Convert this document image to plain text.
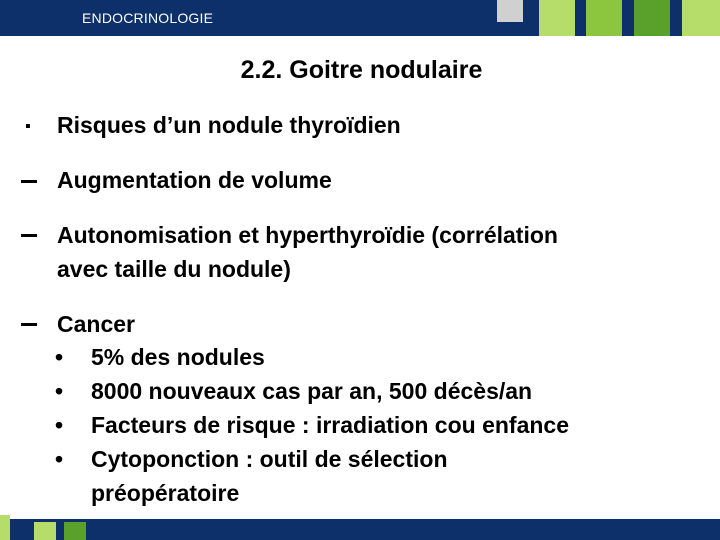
ENDOCRINOLOGIE
2.2. Goitre nodulaire
▪ Risques d’un nodule thyroïdien
Augmentation de volume
Autonomisation et hyperthyroïdie (corrélation
avec taille du nodule)
Cancer
• 5% des nodules
• 8000 nouveaux cas par an, 500 décès/an
• Facteurs de risque : irradiation cou enfance
• Cytoponction : outil de sélection
préopératoire
